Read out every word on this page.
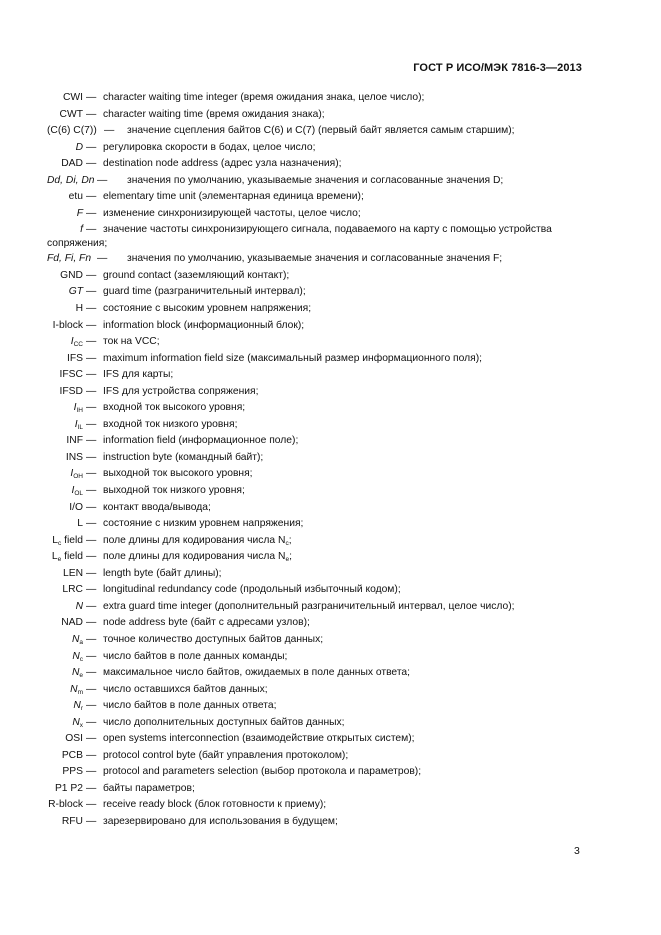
ГОСТ Р ИСО/МЭК 7816-3—2013
CWI — character waiting time integer (время ожидания знака, целое число);
CWT — character waiting time (время ожидания знака);
(C(6) C(7)) — значение сцепления байтов C(6) и C(7) (первый байт является самым старшим);
D — регулировка скорости в бодах, целое число;
DAD — destination node address (адрес узла назначения);
Dd, Di, Dn — значения по умолчанию, указываемые значения и согласованные значения D;
etu — elementary time unit (элементарная единица времени);
F — изменение синхронизирующей частоты, целое число;
f — значение частоты синхронизирующего сигнала, подаваемого на карту с помощью устройства
сопряжения;
Fd, Fi, Fn — значения по умолчанию, указываемые значения и согласованные значения F;
GND — ground contact (заземляющий контакт);
GT — guard time (разграничительный интервал);
H — состояние с высоким уровнем напряжения;
I-block — information block (информационный блок);
$I_{CC}$ — ток на VCC;
IFS — maximum information field size (максимальный размер информационного поля);
IFSC — IFS для карты;
IFSD — IFS для устройства сопряжения;
$I_{IH}$ — входной ток высокого уровня;
$I_{IL}$ — входной ток низкого уровня;
INF — information field (информационное поле);
INS — instruction byte (командный байт);
$I_{OH}$ — выходной ток высокого уровня;
$I_{OL}$ — выходной ток низкого уровня;
I/O — контакт ввода/вывода;
L — состояние с низким уровнем напряжения;
$L_c$ field — поле длины для кодирования числа $N_c$;
$L_e$ field — поле длины для кодирования числа $N_e$;
LEN — length byte (байт длины);
LRC — longitudinal redundancy code (продольный избыточный кодом);
N — extra guard time integer (дополнительный разграничительный интервал, целое число);
NAD — node address byte (байт с адресами узлов);
$N_a$ — точное количество доступных байтов данных;
$N_c$ — число байтов в поле данных команды;
$N_e$ — максимальное число байтов, ожидаемых в поле данных ответа;
$N_m$ — число оставшихся байтов данных;
$N_r$ — число байтов в поле данных ответа;
$N_x$ — число дополнительных доступных байтов данных;
OSI — open systems interconnection (взаимодействие открытых систем);
PCB — protocol control byte (байт управления протоколом);
PPS — protocol and parameters selection (выбор протокола и параметров);
P1 P2 — байты параметров;
R-block — receive ready block (блок готовности к приему);
RFU — зарезервировано для использования в будущем;
3
